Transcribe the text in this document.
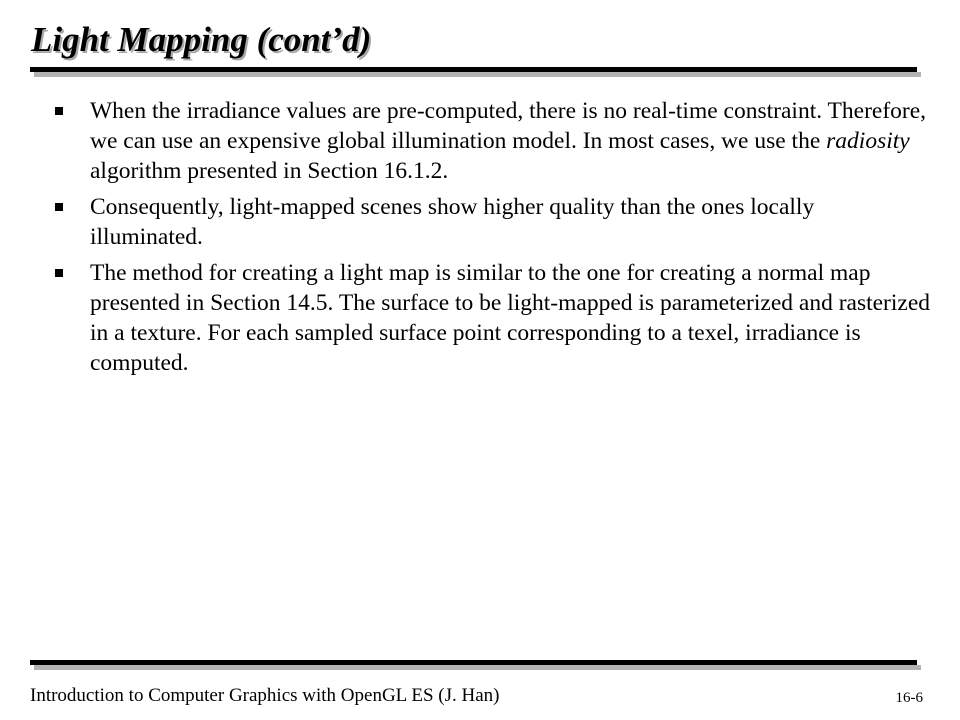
Light Mapping (cont’d)
When the irradiance values are pre-computed, there is no real-time constraint. Therefore, we can use an expensive global illumination model. In most cases, we use the radiosity algorithm presented in Section 16.1.2.
Consequently, light-mapped scenes show higher quality than the ones locally illuminated.
The method for creating a light map is similar to the one for creating a normal map presented in Section 14.5. The surface to be light-mapped is parameterized and rasterized in a texture. For each sampled surface point corresponding to a texel, irradiance is computed.
Introduction to Computer Graphics with OpenGL ES (J. Han)	16-6
